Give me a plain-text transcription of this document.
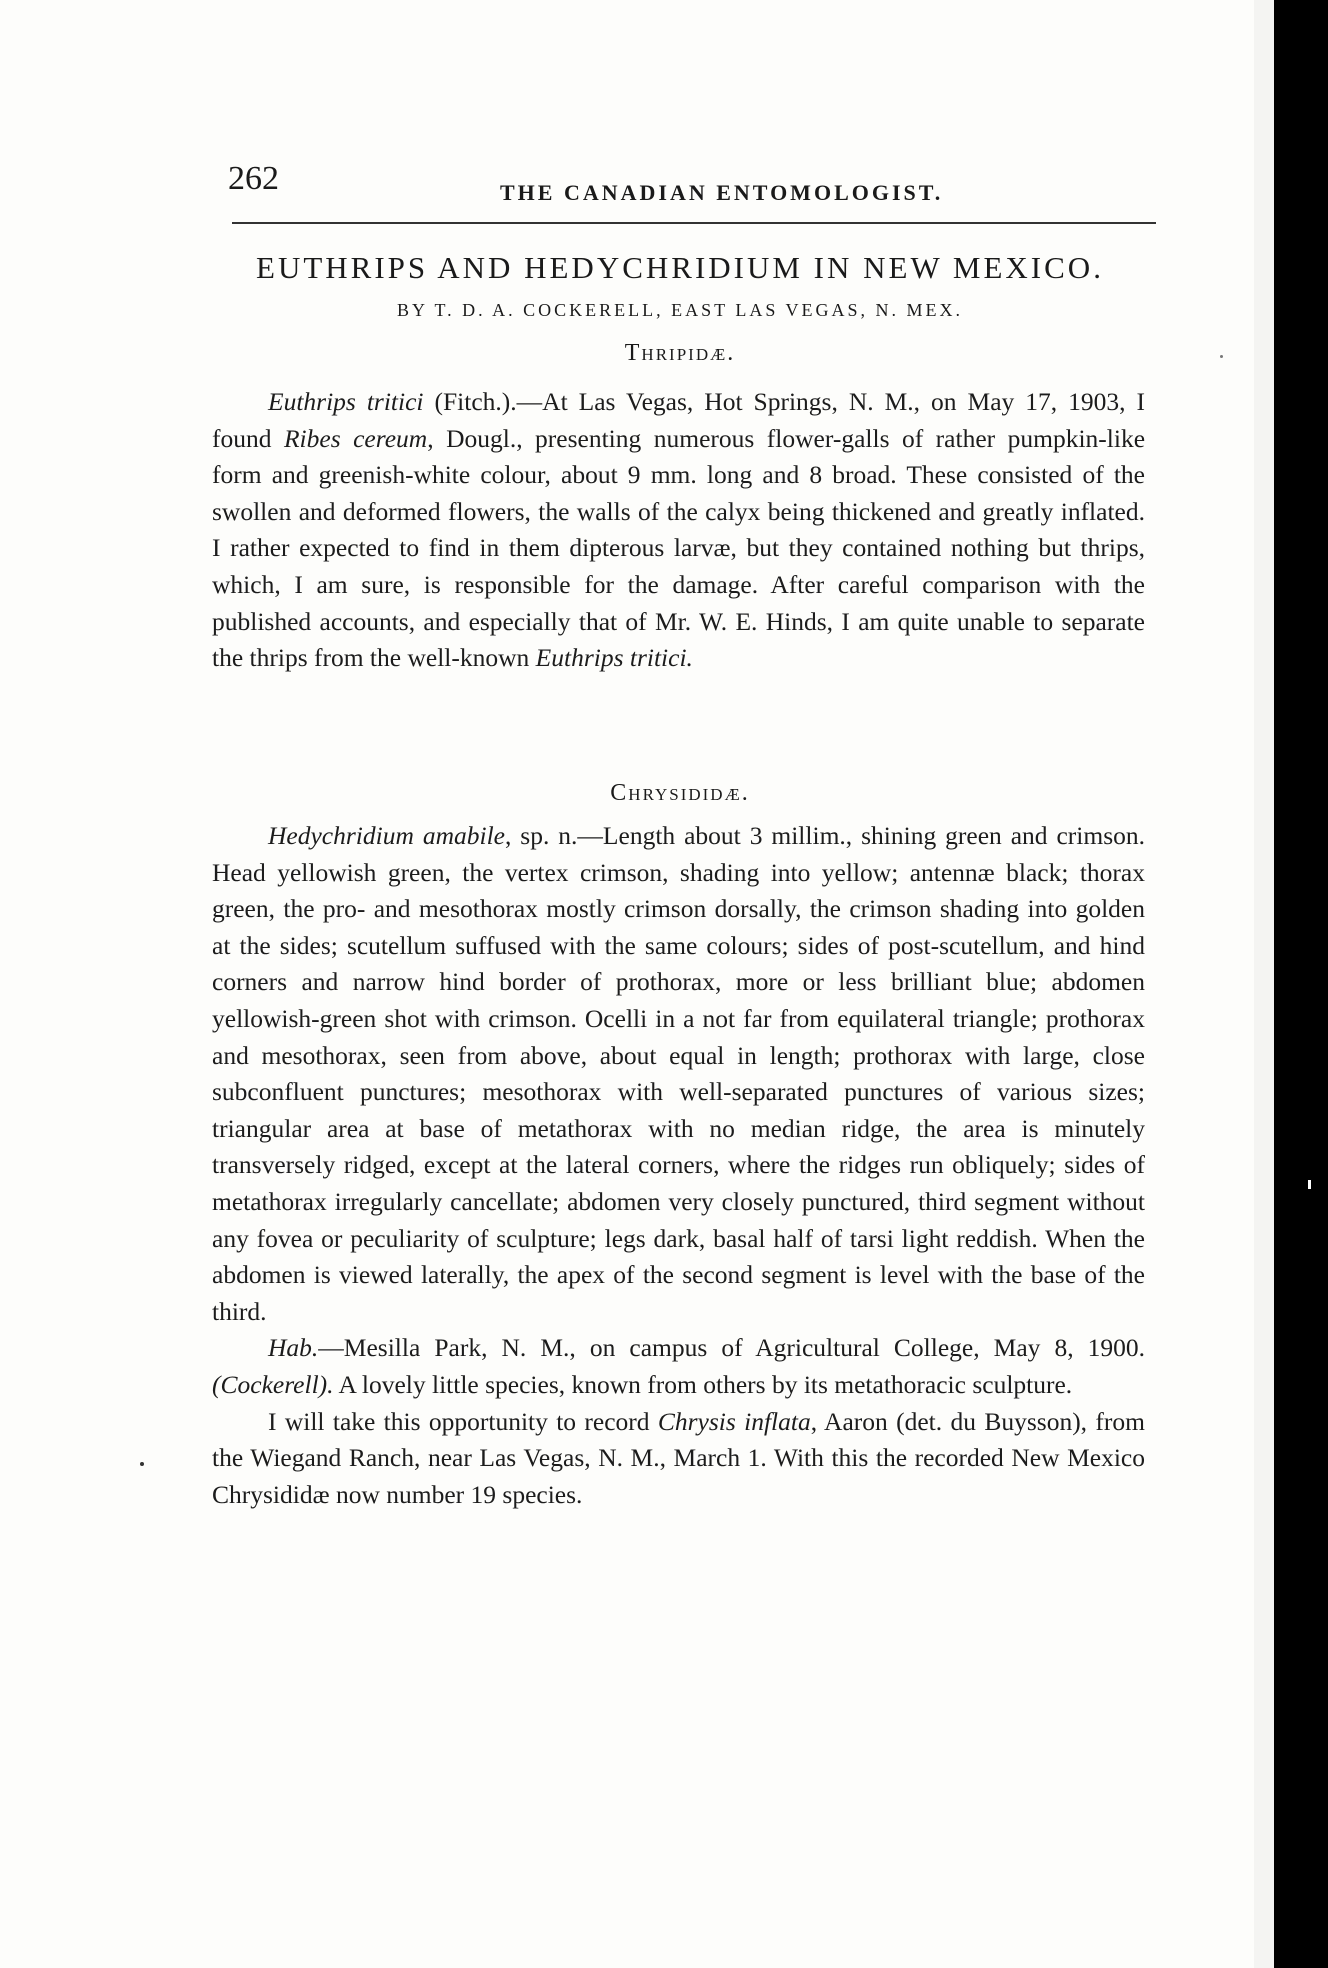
262	THE CANADIAN ENTOMOLOGIST.
EUTHRIPS AND HEDYCHRIDIUM IN NEW MEXICO.
BY T. D. A. COCKERELL, EAST LAS VEGAS, N. MEX.
Thripidæ.

Euthrips tritici (Fitch.).—At Las Vegas, Hot Springs, N. M., on May 17, 1903, I found Ribes cereum, Dougl., presenting numerous flower-galls of rather pumpkin-like form and greenish-white colour, about 9 mm. long and 8 broad. These consisted of the swollen and deformed flowers, the walls of the calyx being thickened and greatly inflated. I rather expected to find in them dipterous larvæ, but they contained nothing but thrips, which, I am sure, is responsible for the damage. After careful comparison with the published accounts, and especially that of Mr. W. E. Hinds, I am quite unable to separate the thrips from the well-known Euthrips tritici.

Chrysididæ.

Hedychridium amabile, sp. n.—Length about 3 millim., shining green and crimson. Head yellowish green, the vertex crimson, shading into yellow; antennæ black; thorax green, the pro- and mesothorax mostly crimson dorsally, the crimson shading into golden at the sides; scutellum suffused with the same colours; sides of post-scutellum, and hind corners and narrow hind border of prothorax, more or less brilliant blue; abdomen yellowish-green shot with crimson. Ocelli in a not far from equilateral triangle; prothorax and mesothorax, seen from above, about equal in length; prothorax with large, close subconfluent punctures; mesothorax with well-separated punctures of various sizes; triangular area at base of metathorax with no median ridge, the area is minutely transversely ridged, except at the lateral corners, where the ridges run obliquely; sides of metathorax irregularly cancellate; abdomen very closely punctured, third segment without any fovea or peculiarity of sculpture; legs dark, basal half of tarsi light reddish. When the abdomen is viewed laterally, the apex of the second segment is level with the base of the third.

Hab.—Mesilla Park, N. M., on campus of Agricultural College, May 8, 1900. (Cockerell). A lovely little species, known from others by its metathoracic sculpture.

I will take this opportunity to record Chrysis inflata, Aaron (det. du Buysson), from the Wiegand Ranch, near Las Vegas, N. M., March 1. With this the recorded New Mexico Chrysididæ now number 19 species.
